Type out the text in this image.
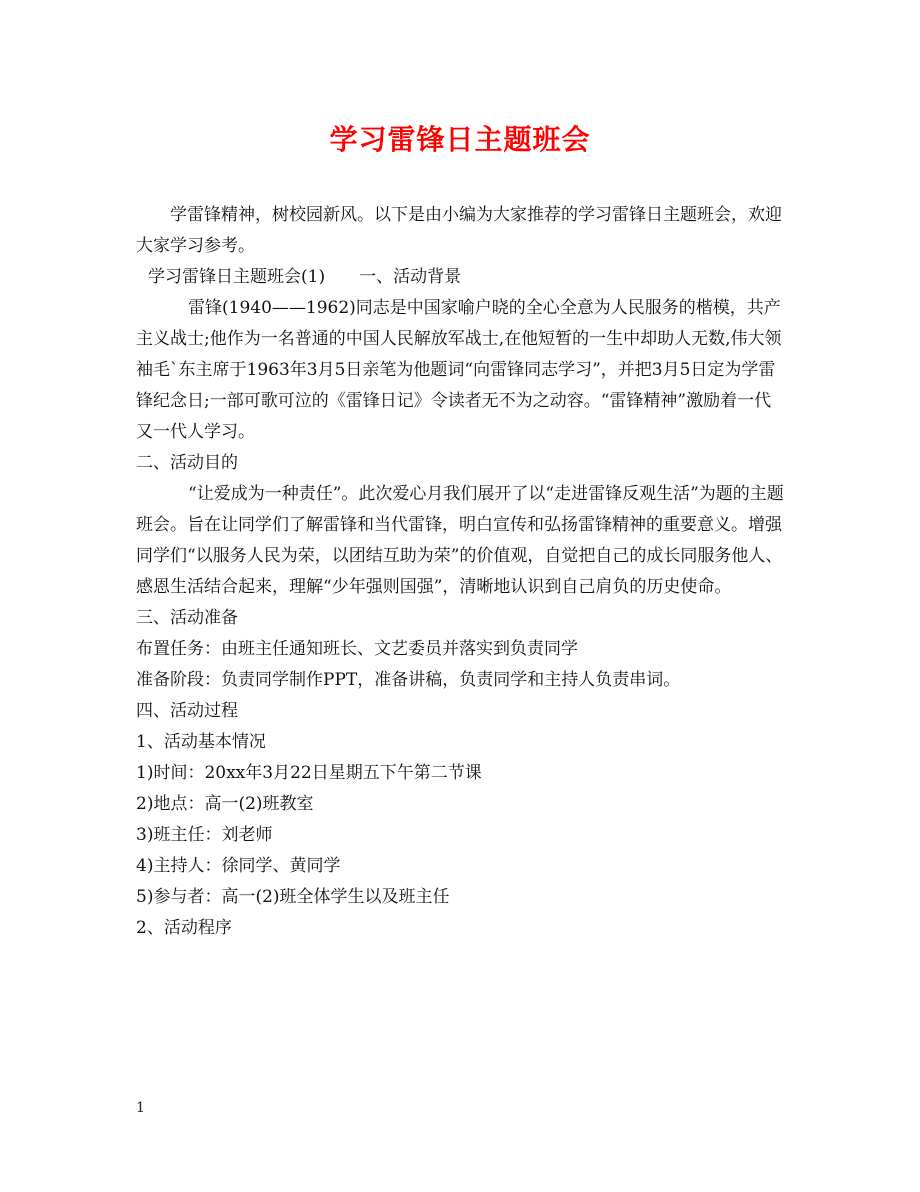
学习雷锋日主题班会

学雷锋精神，树校园新风。以下是由小编为大家推荐的学习雷锋日主题班会，欢迎大家学习参考。

学习雷锋日主题班会(1)　　一、活动背景

雷锋(1940——1962)同志是中国家喻户晓的全心全意为人民服务的楷模，共产主义战士;他作为一名普通的中国人民解放军战士,在他短暂的一生中却助人无数,伟大领袖毛`东主席于1963年3月5日亲笔为他题词“向雷锋同志学习”，并把3月5日定为学雷锋纪念日;一部可歌可泣的《雷锋日记》令读者无不为之动容。“雷锋精神”激励着一代又一代人学习。

二、活动目的

“让爱成为一种责任”。此次爱心月我们展开了以“走进雷锋反观生活”为题的主题班会。旨在让同学们了解雷锋和当代雷锋，明白宣传和弘扬雷锋精神的重要意义。增强同学们“以服务人民为荣，以团结互助为荣”的价值观，自觉把自己的成长同服务他人、感恩生活结合起来，理解“少年强则国强”，清晰地认识到自己肩负的历史使命。

三、活动准备

布置任务：由班主任通知班长、文艺委员并落实到负责同学

准备阶段：负责同学制作PPT，准备讲稿，负责同学和主持人负责串词。

四、活动过程

1、活动基本情况

1)时间：20xx年3月22日星期五下午第二节课

2)地点：高一(2)班教室

3)班主任：刘老师

4)主持人：徐同学、黄同学

5)参与者：高一(2)班全体学生以及班主任

2、活动程序

1
